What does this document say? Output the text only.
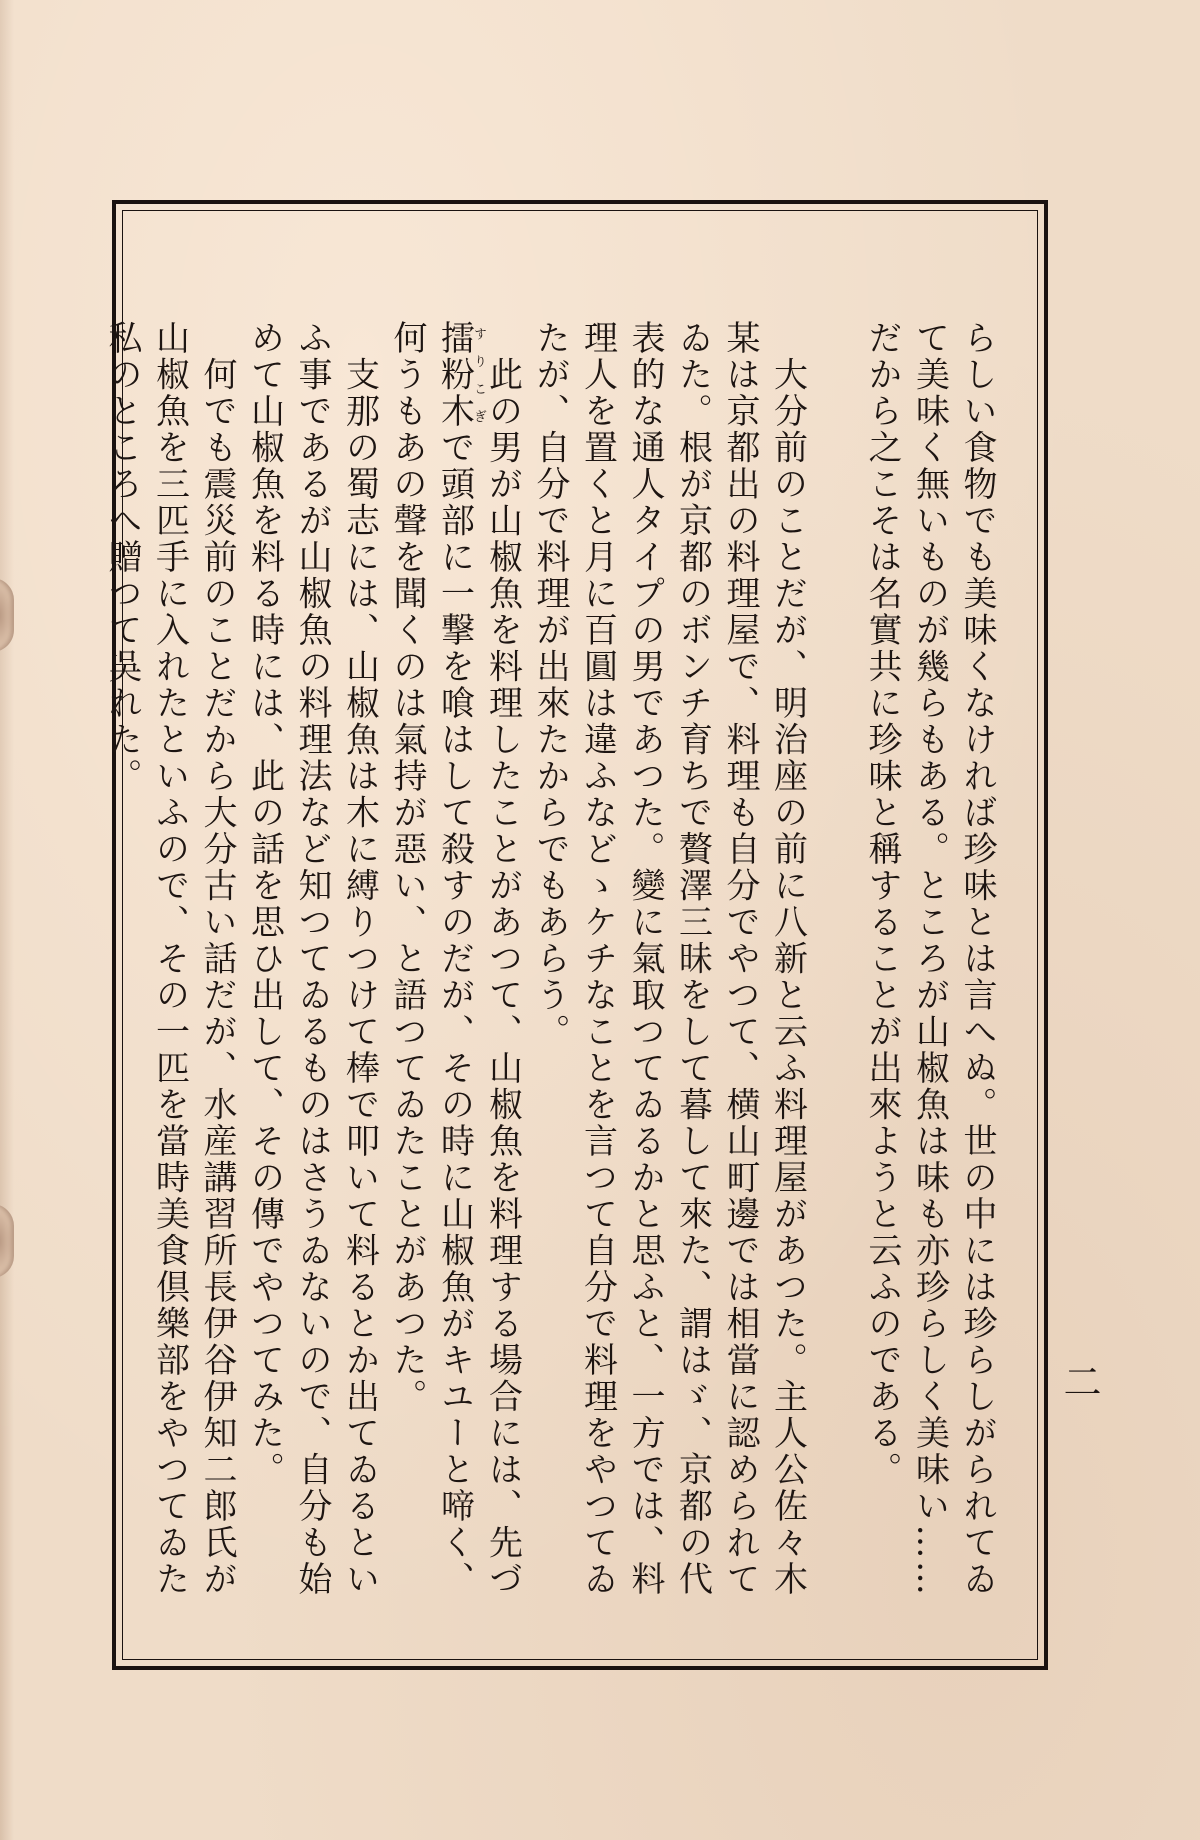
らしい食物でも美味くなければ珍味とは言へぬ。世の中には珍らしがられてゐて美味く無いものが幾らもある。ところが山椒魚は味も亦珍らしく美味い……だから之こそは名實共に珍味と稱することが出來ようと云ふのである。

　大分前のことだが、明治座の前に八新と云ふ料理屋があつた。主人公佐々木某は京都出の料理屋で、料理も自分でやつて、横山町邊では相當に認められてゐた。根が京都のボンチ育ちで贅澤三昧をして暮して來た、謂はゞ、京都の代表的な通人タイプの男であつた。變に氣取つてゐるかと思ふと、一方では、料理人を置くと月に百圓は違ふなどゝケチなことを言つて自分で料理をやつてゐたが、自分で料理が出來たからでもあらう。

　此の男が山椒魚を料理したことがあつて、山椒魚を料理する場合には、先づ擂粉木すりこぎで頭部に一撃を喰はして殺すのだが、その時に山椒魚がキユーと啼く、何うもあの聲を聞くのは氣持が惡い、と語つてゐたことがあつた。

　支那の蜀志には、山椒魚は木に縛りつけて棒で叩いて料るとか出てゐるといふ事であるが山椒魚の料理法など知つてゐるものはさうゐないので、自分も始めて山椒魚を料る時には、此の話を思ひ出して、その傳でやつてみた。

　何でも震災前のことだから大分古い話だが、水産講習所長伊谷伊知二郎氏が山椒魚を三匹手に入れたといふので、その一匹を當時美食倶樂部をやつてゐた私のところへ贈つて吳れた。

二
